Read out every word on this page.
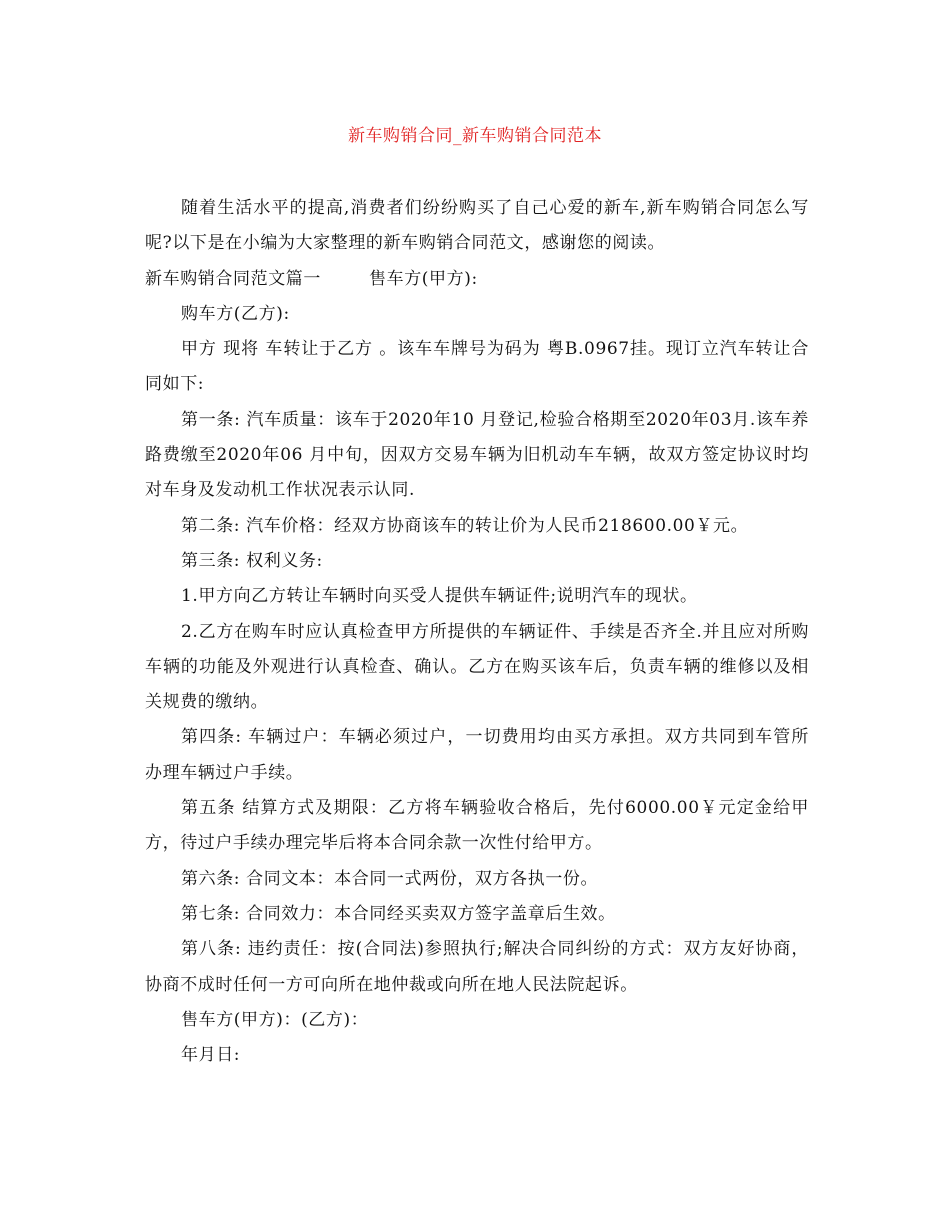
新车购销合同_新车购销合同范本

随着生活水平的提高,消费者们纷纷购买了自己心爱的新车,新车购销合同怎么写呢?以下是在小编为大家整理的新车购销合同范文，感谢您的阅读。

新车购销合同范文篇一	售车方(甲方):

购车方(乙方):

甲方 现将 车转让于乙方 。该车车牌号为码为 粤B.0967挂。现订立汽车转让合同如下:

第一条: 汽车质量：该车于2020年10 月登记,检验合格期至2020年03月.该车养路费缴至2020年06 月中旬，因双方交易车辆为旧机动车车辆，故双方签定协议时均对车身及发动机工作状况表示认同.

第二条: 汽车价格：经双方协商该车的转让价为人民币218600.00￥元。

第三条: 权利义务:

1.甲方向乙方转让车辆时向买受人提供车辆证件;说明汽车的现状。

2.乙方在购车时应认真检查甲方所提供的车辆证件、手续是否齐全.并且应对所购车辆的功能及外观进行认真检查、确认。乙方在购买该车后，负责车辆的维修以及相关规费的缴纳。

第四条: 车辆过户：车辆必须过户，一切费用均由买方承担。双方共同到车管所办理车辆过户手续。

第五条 结算方式及期限：乙方将车辆验收合格后，先付6000.00￥元定金给甲方，待过户手续办理完毕后将本合同余款一次性付给甲方。

第六条: 合同文本：本合同一式两份，双方各执一份。

第七条: 合同效力：本合同经买卖双方签字盖章后生效。

第八条: 违约责任：按(合同法)参照执行;解决合同纠纷的方式：双方友好协商，协商不成时任何一方可向所在地仲裁或向所在地人民法院起诉。

售车方(甲方)：(乙方)：

年月日:
